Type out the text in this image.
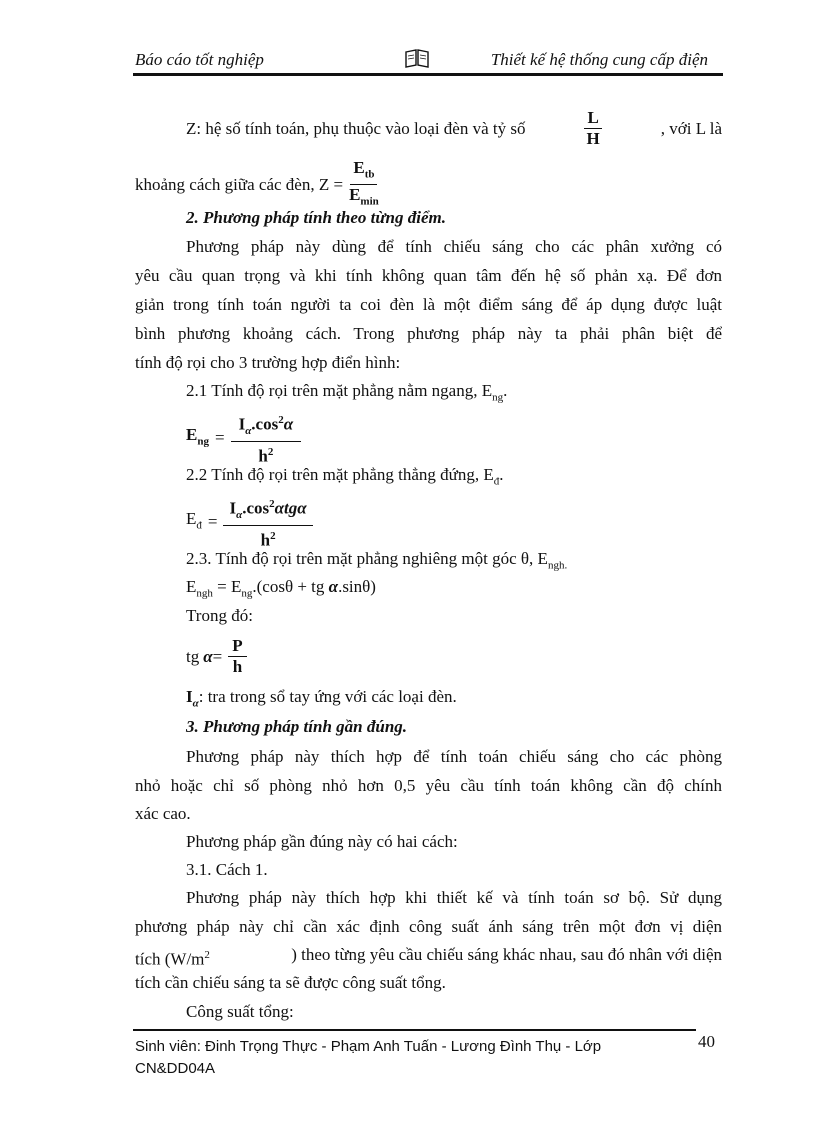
Báo cáo tốt nghiệp	Thiết kế hệ thống cung cấp điện
Z: hệ số tính toán, phụ thuộc vào loại đèn và tỷ số	$\frac{L}{H}$	, với L là
khoảng cách giữa các đèn, $Z = \frac{E_{tb}}{E_{min}}$
2. Phương pháp tính theo từng điểm.
Phương pháp này dùng để tính chiếu sáng cho các phân xưởng có
yêu cầu quan trọng và khi tính không quan tâm đến hệ số phản xạ. Để đơn
giản trong tính toán người ta coi đèn là một điểm sáng để áp dụng được luật
bình phương khoảng cách. Trong phương pháp này ta phải phân biệt để
tính độ rọi cho 3 trường hợp điển hình:
2.1 Tính độ rọi trên mặt phẳng nằm ngang, $E_{ng}$.
$E_{ng} = \frac{I_\alpha.\cos^2\alpha}{h^2}$
2.2 Tính độ rọi trên mặt phẳng thẳng đứng, $E_đ$.
$E_đ = \frac{I_\alpha.\cos^2\alpha tg\alpha}{h^2}$
2.3. Tính độ rọi trên mặt phẳng nghiêng một góc θ, $E_{ngh.}$
$E_{ngh} = E_{ng}.(\cos\theta$ + tg α.sinθ)
Trong đó:
tg $\alpha = \frac{P}{h}$
$I_\alpha$: tra trong sổ tay ứng với các loại đèn.
3. Phương pháp tính gần đúng.
Phương pháp này thích hợp để tính toán chiếu sáng cho các phòng
nhỏ hoặc chỉ số phòng nhỏ hơn 0,5 yêu cầu tính toán không cần độ chính
xác cao.
Phương pháp gần đúng này có hai cách:
3.1. Cách 1.
Phương pháp này thích hợp khi thiết kế và tính toán sơ bộ. Sử dụng
phương pháp này chỉ cần xác định công suất ánh sáng trên một đơn vị diện
tích ($W/m^2$	) theo từng yêu cầu chiếu sáng khác nhau, sau đó nhân với diện
tích cần chiếu sáng ta sẽ được công suất tổng.
Công suất tổng:
Sinh viên: Đinh Trọng Thực - Phạm Anh Tuấn - Lương Đình Thụ - Lớp CN&DD04A
40
